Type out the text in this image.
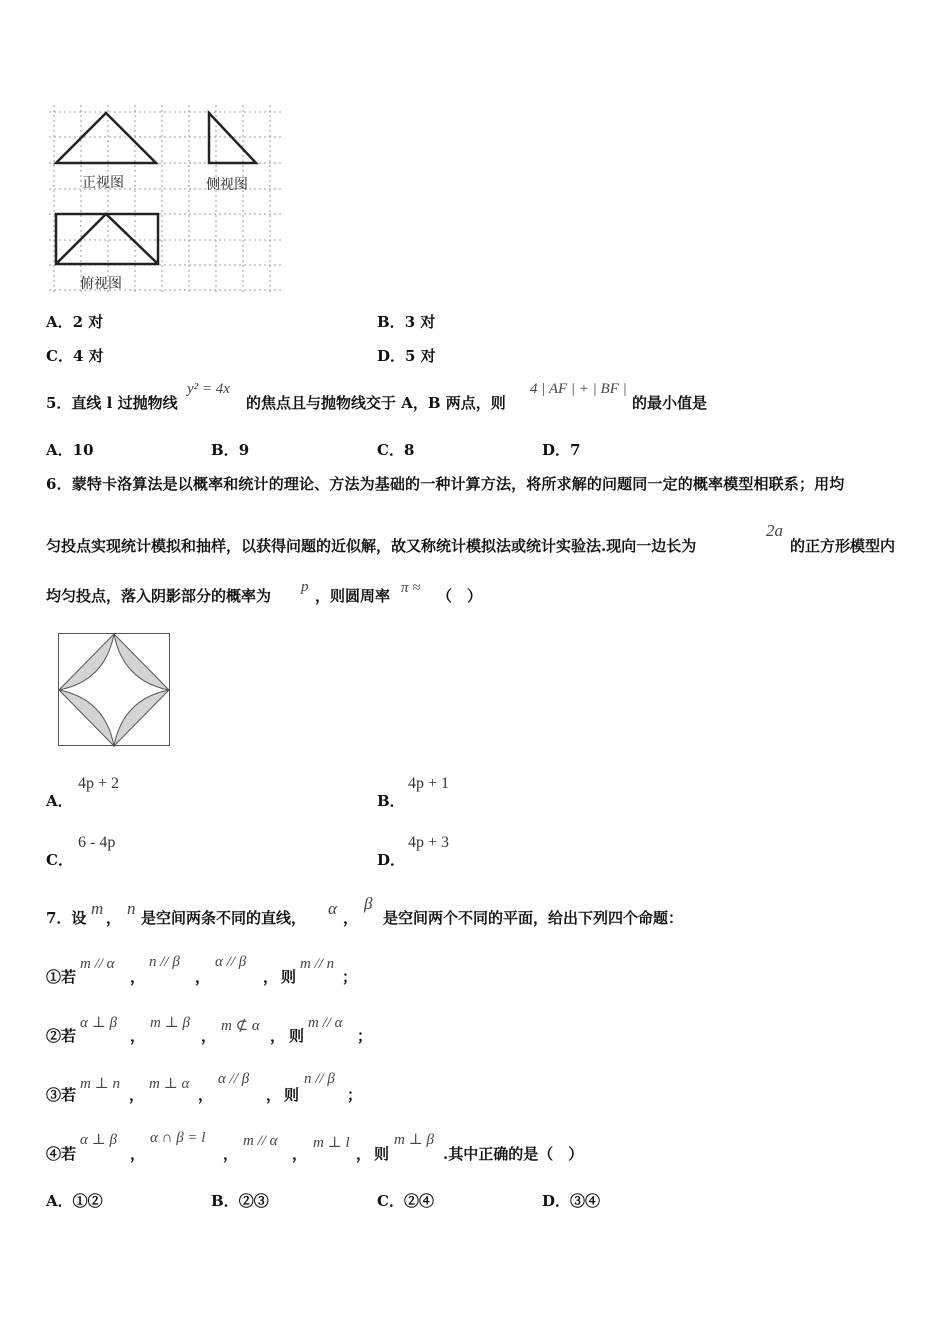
正视图	侧视图
俯视图
A．2 对	B．3 对
C．4 对	D．5 对
5．直线 l 过抛物线
y² = 4x
的焦点且与抛物线交于 A，B 两点，则
4 | AF | + | BF |
的最小值是
A．10	B．9	C．8	D．7
6．蒙特卡洛算法是以概率和统计的理论、方法为基础的一种计算方法，将所求解的问题同一定的概率模型相联系；用均
匀投点实现统计模拟和抽样，以获得问题的近似解，故又称统计模拟法或统计实验法.现向一边长为
2a
的正方形模型内
均匀投点，落入阴影部分的概率为 p ，则圆周率 π ≈ （　）
A．
4p + 2
B．
4p + 1
C．
6 - 4p
D．
4p + 3
7．设 m ， n 是空间两条不同的直线， α ，
β
是空间两个不同的平面，给出下列四个命题：
①若
m // α
，
n // β
，
α // β
， 则
m // n
；
②若
α ⊥ β
，
m ⊥ β
，
m ⊄ α
， 则
m // α
；
③若
m ⊥ n
，
m ⊥ α
，
α // β
， 则
n // β
；
④若
α ⊥ β
，
α ∩ β = l
，
m // α
，
m ⊥ l
， 则
m ⊥ β
.其中正确的是（　）
A．①②	B．②③	C．②④	D．③④
